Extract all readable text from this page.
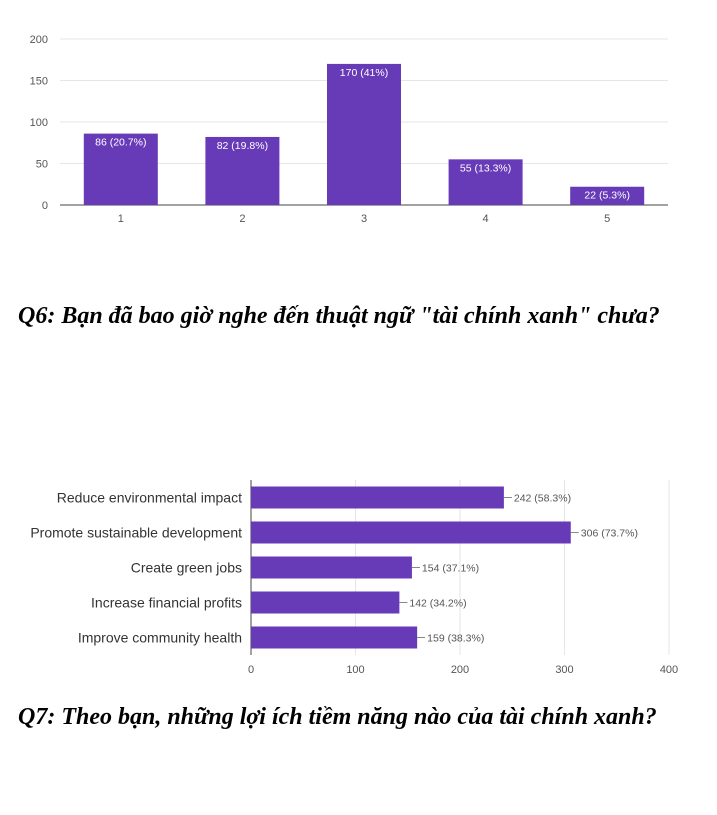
0
50
100
150
200
86 (20.7%)
1
82 (19.8%)
2
170 (41%)
3
55 (13.3%)
4
22 (5.3%)
5
Q6: Bạn đã bao giờ nghe đến thuật ngữ "tài chính xanh" chưa?
0	100	200	300	400
242 (58.3%)
Reduce environmental impact
306 (73.7%)
Promote sustainable development
154 (37.1%)
Create green jobs
142 (34.2%)
Increase financial profits
159 (38.3%)
Improve community health
Q7: Theo bạn, những lợi ích tiềm năng nào của tài chính xanh?
